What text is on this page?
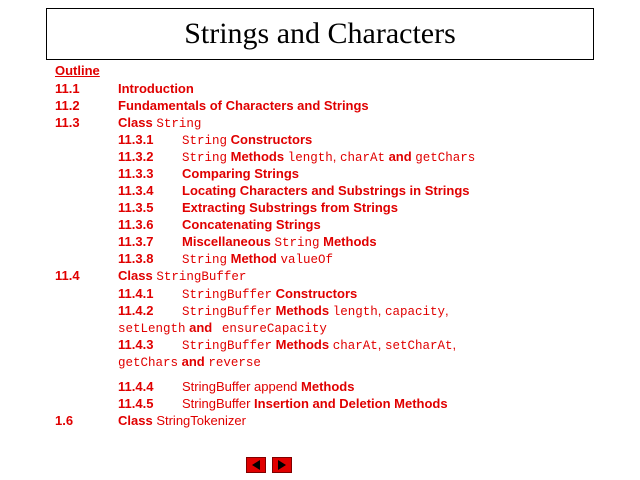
Strings and Characters
Outline
11.1	Introduction
11.2	Fundamentals of Characters and Strings
11.3	Class String
11.3.1 String Constructors
11.3.2 String Methods length, charAt and getChars
11.3.3 Comparing Strings
11.3.4 Locating Characters and Substrings in Strings
11.3.5 Extracting Substrings from Strings
11.3.6 Concatenating Strings
11.3.7 Miscellaneous String Methods
11.3.8 String Method valueOf
11.4	Class StringBuffer
11.4.1 StringBuffer Constructors
11.4.2 StringBuffer Methods length, capacity,
setLength and ensureCapacity
11.4.3 StringBuffer Methods charAt, setCharAt,
getChars and reverse
11.4.4 StringBuffer append Methods
11.4.5 StringBuffer Insertion and Deletion Methods
1.6	Class StringTokenizer
